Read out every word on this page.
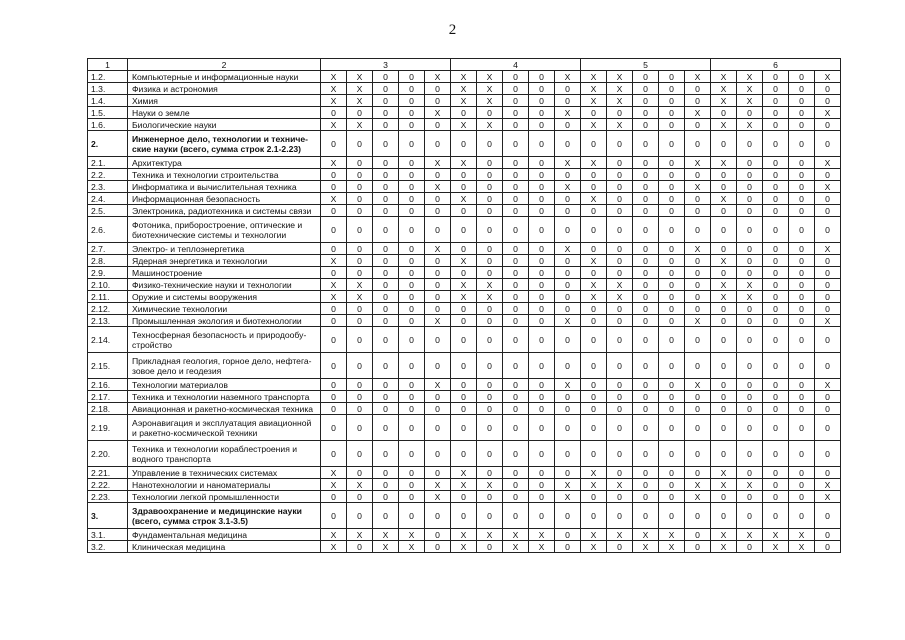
2
1	2	3					4					5					6				
1.2.	Компьютерные и информационные науки	X	X	0	0	X	X	X	0	0	X	X	X	0	0	X	X	X	0	0	X
1.3.	Физика и астрономия	X	X	0	0	0	X	X	0	0	0	X	X	0	0	0	X	X	0	0	0
1.4.	Химия	X	X	0	0	0	X	X	0	0	0	X	X	0	0	0	X	X	0	0	0
1.5.	Науки о земле	0	0	0	0	X	0	0	0	0	X	0	0	0	0	X	0	0	0	0	X
1.6.	Биологические науки	X	X	0	0	0	X	X	0	0	0	X	X	0	0	0	X	X	0	0	0
2.	Инженерное дело, технологии и техниче-ские науки (всего, сумма строк 2.1-2.23)	0	0	0	0	0	0	0	0	0	0	0	0	0	0	0	0	0	0	0	0
2.1.	Архитектура	X	0	0	0	X	X	0	0	0	X	X	0	0	0	X	X	0	0	0	X
2.2.	Техника и технологии строительства	0	0	0	0	0	0	0	0	0	0	0	0	0	0	0	0	0	0	0	0
2.3.	Информатика и вычислительная техника	0	0	0	0	X	0	0	0	0	X	0	0	0	0	X	0	0	0	0	X
2.4.	Информационная безопасность	X	0	0	0	0	X	0	0	0	0	X	0	0	0	0	X	0	0	0	0
2.5.	Электроника, радиотехника и системы связи	0	0	0	0	0	0	0	0	0	0	0	0	0	0	0	0	0	0	0	0
2.6.	Фотоника, приборостроение, оптические и биотехнические системы и технологии	0	0	0	0	0	0	0	0	0	0	0	0	0	0	0	0	0	0	0	0
2.7.	Электро- и теплоэнергетика	0	0	0	0	X	0	0	0	0	X	0	0	0	0	X	0	0	0	0	X
2.8.	Ядерная энергетика и технологии	X	0	0	0	0	X	0	0	0	0	X	0	0	0	0	X	0	0	0	0
2.9.	Машиностроение	0	0	0	0	0	0	0	0	0	0	0	0	0	0	0	0	0	0	0	0
2.10.	Физико-технические науки и технологии	X	X	0	0	0	X	X	0	0	0	X	X	0	0	0	X	X	0	0	0
2.11.	Оружие и системы вооружения	X	X	0	0	0	X	X	0	0	0	X	X	0	0	0	X	X	0	0	0
2.12.	Химические технологии	0	0	0	0	0	0	0	0	0	0	0	0	0	0	0	0	0	0	0	0
2.13.	Промышленная экология и биотехнологии	0	0	0	0	X	0	0	0	0	X	0	0	0	0	X	0	0	0	0	X
2.14.	Техносферная безопасность и природообу-стройство	0	0	0	0	0	0	0	0	0	0	0	0	0	0	0	0	0	0	0	0
2.15.	Прикладная геология, горное дело, нефтега-зовое дело и геодезия	0	0	0	0	0	0	0	0	0	0	0	0	0	0	0	0	0	0	0	0
2.16.	Технологии материалов	0	0	0	0	X	0	0	0	0	X	0	0	0	0	X	0	0	0	0	X
2.17.	Техника и технологии наземного транспорта	0	0	0	0	0	0	0	0	0	0	0	0	0	0	0	0	0	0	0	0
2.18.	Авиационная и ракетно-космическая техника	0	0	0	0	0	0	0	0	0	0	0	0	0	0	0	0	0	0	0	0
2.19.	Аэронавигация и эксплуатация авиационной и ракетно-космической техники	0	0	0	0	0	0	0	0	0	0	0	0	0	0	0	0	0	0	0	0
2.20.	Техника и технологии кораблестроения и водного транспорта	0	0	0	0	0	0	0	0	0	0	0	0	0	0	0	0	0	0	0	0
2.21.	Управление в технических системах	X	0	0	0	0	X	0	0	0	0	X	0	0	0	0	X	0	0	0	0
2.22.	Нанотехнологии и наноматериалы	X	X	0	0	X	X	X	0	0	X	X	X	0	0	X	X	X	0	0	X
2.23.	Технологии легкой промышленности	0	0	0	0	X	0	0	0	0	X	0	0	0	0	X	0	0	0	0	X
3.	Здравоохранение и медицинские науки (всего, сумма строк 3.1-3.5)	0	0	0	0	0	0	0	0	0	0	0	0	0	0	0	0	0	0	0	0
3.1.	Фундаментальная медицина	X	X	X	X	0	X	X	X	X	0	X	X	X	X	0	X	X	X	X	0
3.2.	Клиническая медицина	X	0	X	X	0	X	0	X	X	0	X	0	X	X	0	X	0	X	X	0
